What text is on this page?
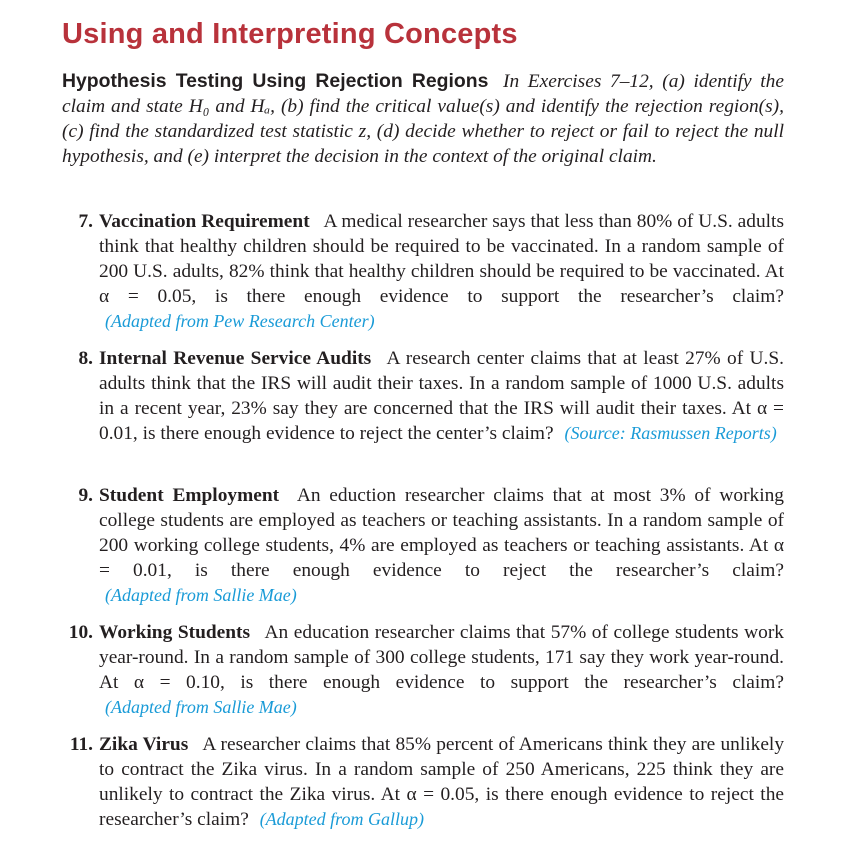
Using and Interpreting Concepts
Hypothesis Testing Using Rejection Regions In Exercises 7–12, (a) identify the claim and state H₀ and Hₐ, (b) find the critical value(s) and identify the rejection region(s), (c) find the standardized test statistic z, (d) decide whether to reject or fail to reject the null hypothesis, and (e) interpret the decision in the context of the original claim.
7. Vaccination Requirement A medical researcher says that less than 80% of U.S. adults think that healthy children should be required to be vaccinated. In a random sample of 200 U.S. adults, 82% think that healthy children should be required to be vaccinated. At α = 0.05, is there enough evidence to support the researcher’s claim? (Adapted from Pew Research Center)
8. Internal Revenue Service Audits A research center claims that at least 27% of U.S. adults think that the IRS will audit their taxes. In a random sample of 1000 U.S. adults in a recent year, 23% say they are concerned that the IRS will audit their taxes. At α = 0.01, is there enough evidence to reject the center’s claim? (Source: Rasmussen Reports)
9. Student Employment An eduction researcher claims that at most 3% of working college students are employed as teachers or teaching assistants. In a random sample of 200 working college students, 4% are employed as teachers or teaching assistants. At α = 0.01, is there enough evidence to reject the researcher’s claim? (Adapted from Sallie Mae)
10. Working Students An education researcher claims that 57% of college students work year-round. In a random sample of 300 college students, 171 say they work year-round. At α = 0.10, is there enough evidence to support the researcher’s claim? (Adapted from Sallie Mae)
11. Zika Virus A researcher claims that 85% percent of Americans think they are unlikely to contract the Zika virus. In a random sample of 250 Americans, 225 think they are unlikely to contract the Zika virus. At α = 0.05, is there enough evidence to reject the researcher’s claim? (Adapted from Gallup)
